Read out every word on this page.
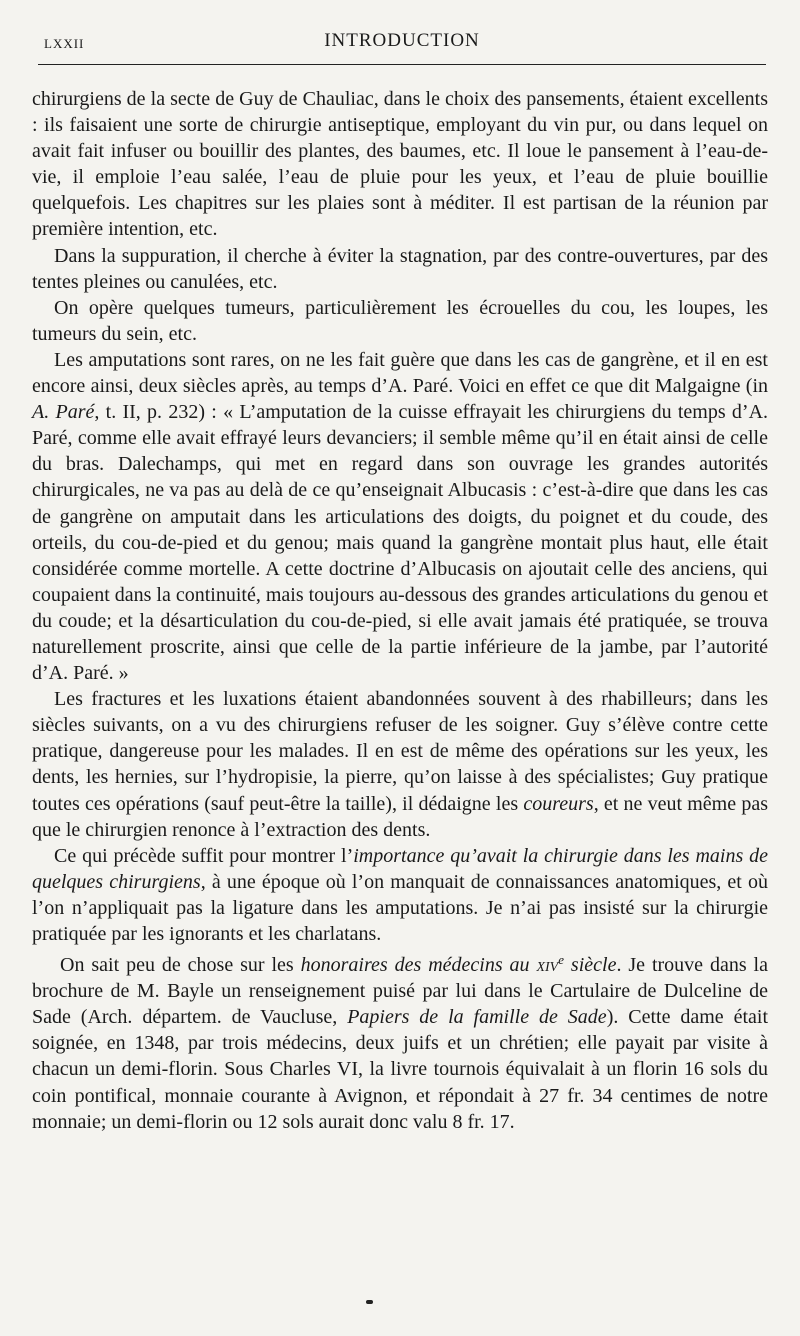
LXXII	INTRODUCTION

chirurgiens de la secte de Guy de Chauliac, dans le choix des pansements, étaient excellents : ils faisaient une sorte de chirurgie antiseptique, employant du vin pur, ou dans lequel on avait fait infuser ou bouillir des plantes, des baumes, etc. Il loue le pansement à l’eau-de-vie, il emploie l’eau salée, l’eau de pluie pour les yeux, et l’eau de pluie bouillie quelquefois. Les chapitres sur les plaies sont à méditer. Il est partisan de la réunion par première intention, etc.

Dans la suppuration, il cherche à éviter la stagnation, par des contre-ouvertures, par des tentes pleines ou canulées, etc.

On opère quelques tumeurs, particulièrement les écrouelles du cou, les loupes, les tumeurs du sein, etc.

Les amputations sont rares, on ne les fait guère que dans les cas de gangrène, et il en est encore ainsi, deux siècles après, au temps d’A. Paré. Voici en effet ce que dit Malgaigne (in A. Paré, t. II, p. 232) : « L’amputation de la cuisse effrayait les chirurgiens du temps d’A. Paré, comme elle avait effrayé leurs devanciers; il semble même qu’il en était ainsi de celle du bras. Dalechamps, qui met en regard dans son ouvrage les grandes autorités chirurgicales, ne va pas au delà de ce qu’enseignait Albucasis : c’est-à-dire que dans les cas de gangrène on amputait dans les articulations des doigts, du poignet et du coude, des orteils, du cou-de-pied et du genou; mais quand la gangrène montait plus haut, elle était considérée comme mortelle. A cette doctrine d’Albucasis on ajoutait celle des anciens, qui coupaient dans la continuité, mais toujours au-dessous des grandes articulations du genou et du coude; et la désarticulation du cou-de-pied, si elle avait jamais été pratiquée, se trouva naturellement proscrite, ainsi que celle de la partie inférieure de la jambe, par l’autorité d’A. Paré. »

Les fractures et les luxations étaient abandonnées souvent à des rhabilleurs; dans les siècles suivants, on a vu des chirurgiens refuser de les soigner. Guy s’élève contre cette pratique, dangereuse pour les malades. Il en est de même des opérations sur les yeux, les dents, les hernies, sur l’hydropisie, la pierre, qu’on laisse à des spécialistes; Guy pratique toutes ces opérations (sauf peut-être la taille), il dédaigne les coureurs, et ne veut même pas que le chirurgien renonce à l’extraction des dents.

Ce qui précède suffit pour montrer l’importance qu’avait la chirurgie dans les mains de quelques chirurgiens, à une époque où l’on manquait de connaissances anatomiques, et où l’on n’appliquait pas la ligature dans les amputations. Je n’ai pas insisté sur la chirurgie pratiquée par les ignorants et les charlatans.

On sait peu de chose sur les honoraires des médecins au xiv$^e$ siècle. Je trouve dans la brochure de M. Bayle un renseignement puisé par lui dans le Cartulaire de Dulceline de Sade (Arch. départem. de Vaucluse, Papiers de la famille de Sade). Cette dame était soignée, en 1348, par trois médecins, deux juifs et un chrétien; elle payait par visite à chacun un demi-florin. Sous Charles VI, la livre tournois équivalait à un florin 16 sols du coin pontifical, monnaie courante à Avignon, et répondait à 27 fr. 34 centimes de notre monnaie; un demi-florin ou 12 sols aurait donc valu 8 fr. 17.
